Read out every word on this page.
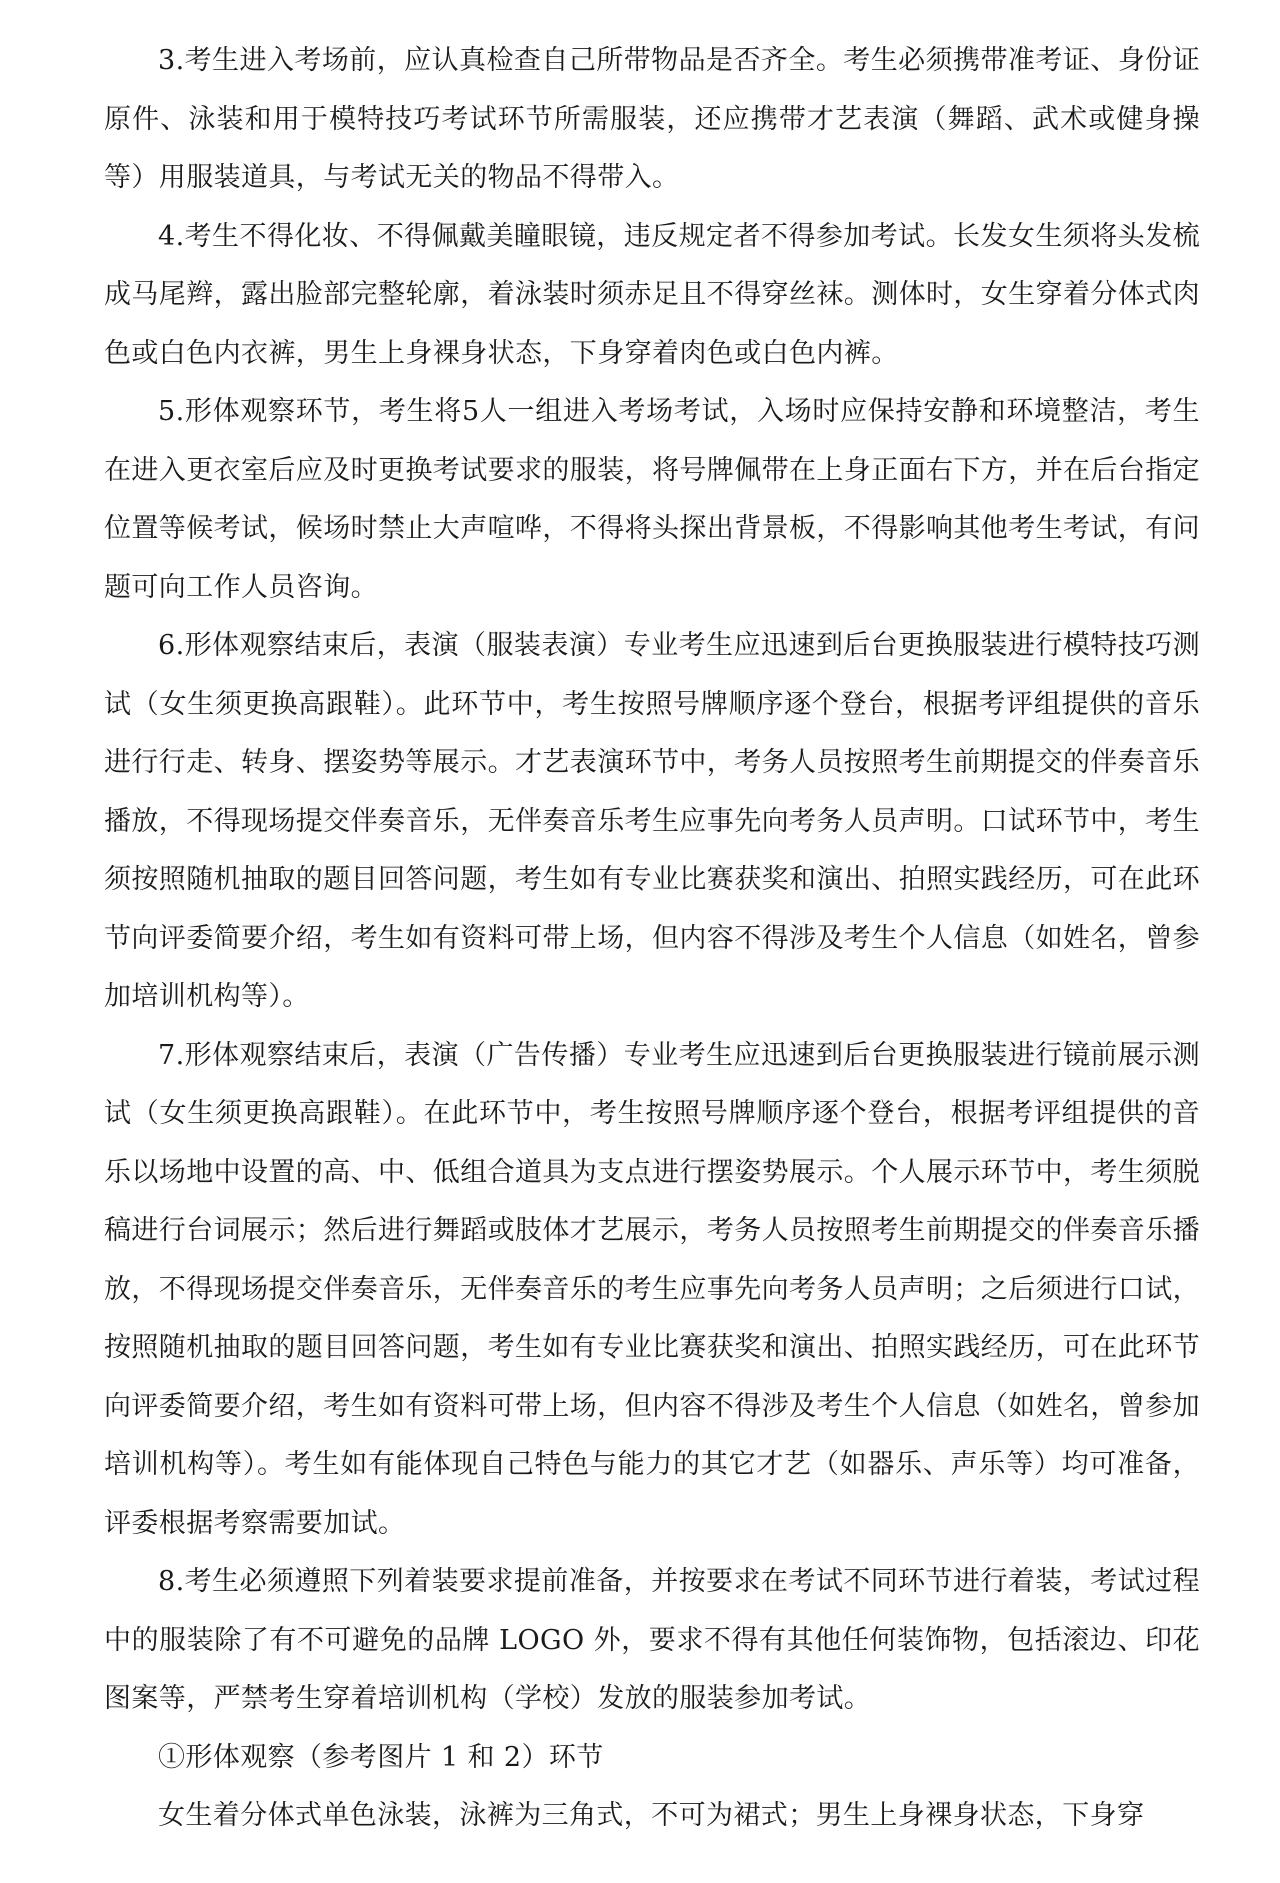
3.考生进入考场前，应认真检查自己所带物品是否齐全。考生必须携带准考证、身份证原件、泳装和用于模特技巧考试环节所需服装，还应携带才艺表演（舞蹈、武术或健身操等）用服装道具，与考试无关的物品不得带入。

4.考生不得化妆、不得佩戴美瞳眼镜，违反规定者不得参加考试。长发女生须将头发梳成马尾辫，露出脸部完整轮廓，着泳装时须赤足且不得穿丝袜。测体时，女生穿着分体式肉色或白色内衣裤，男生上身裸身状态，下身穿着肉色或白色内裤。

5.形体观察环节，考生将5人一组进入考场考试，入场时应保持安静和环境整洁，考生在进入更衣室后应及时更换考试要求的服装，将号牌佩带在上身正面右下方，并在后台指定位置等候考试，候场时禁止大声喧哗，不得将头探出背景板，不得影响其他考生考试，有问题可向工作人员咨询。

6.形体观察结束后，表演（服装表演）专业考生应迅速到后台更换服装进行模特技巧测试（女生须更换高跟鞋）。此环节中，考生按照号牌顺序逐个登台，根据考评组提供的音乐进行行走、转身、摆姿势等展示。才艺表演环节中，考务人员按照考生前期提交的伴奏音乐播放，不得现场提交伴奏音乐，无伴奏音乐考生应事先向考务人员声明。口试环节中，考生须按照随机抽取的题目回答问题，考生如有专业比赛获奖和演出、拍照实践经历，可在此环节向评委简要介绍，考生如有资料可带上场，但内容不得涉及考生个人信息（如姓名，曾参加培训机构等）。

7.形体观察结束后，表演（广告传播）专业考生应迅速到后台更换服装进行镜前展示测试（女生须更换高跟鞋）。在此环节中，考生按照号牌顺序逐个登台，根据考评组提供的音乐以场地中设置的高、中、低组合道具为支点进行摆姿势展示。个人展示环节中，考生须脱稿进行台词展示；然后进行舞蹈或肢体才艺展示，考务人员按照考生前期提交的伴奏音乐播放，不得现场提交伴奏音乐，无伴奏音乐的考生应事先向考务人员声明；之后须进行口试，按照随机抽取的题目回答问题，考生如有专业比赛获奖和演出、拍照实践经历，可在此环节向评委简要介绍，考生如有资料可带上场，但内容不得涉及考生个人信息（如姓名，曾参加培训机构等）。考生如有能体现自己特色与能力的其它才艺（如器乐、声乐等）均可准备，评委根据考察需要加试。

8.考生必须遵照下列着装要求提前准备，并按要求在考试不同环节进行着装，考试过程中的服装除了有不可避免的品牌 LOGO 外，要求不得有其他任何装饰物，包括滚边、印花图案等，严禁考生穿着培训机构（学校）发放的服装参加考试。

①形体观察（参考图片 1 和 2）环节

女生着分体式单色泳装，泳裤为三角式，不可为裙式；男生上身裸身状态，下身穿
